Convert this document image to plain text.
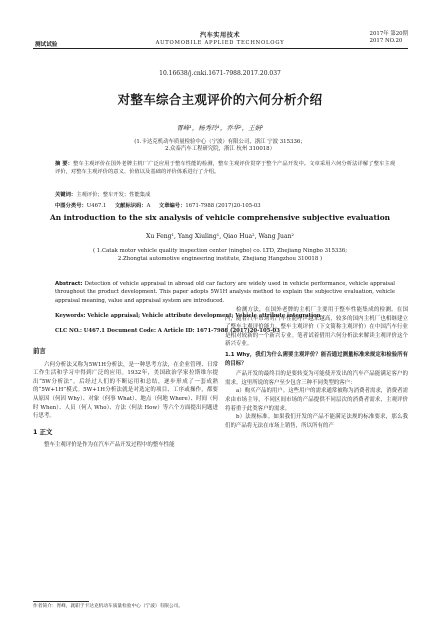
测试试验
汽车实用技术
AUTOMOBILE APPLIED TECHNOLOGY
2017年 第20期
2017 NO.20
10.16638/j.cnki.1671-7988.2017.20.037
对整车综合主观评价的六何分析介绍
胥峰¹，杨秀玲¹，乔华²，王娟²
(1.卡达克机动车质量检验中心（宁波）有限公司，浙江 宁波 315336；
2.众泰汽车工程研究院，浙江 杭州 310018）
摘 要：整车主观评价在国外老牌主机厂广泛应用于整车性能的检测，整车主观评价贯穿于整个产品开发中。文章采用六何分析法详解了整车主观评价，对整车主观评价的意义、价值以及基础的评价体系进行了介绍。
关键词：主观评价；整车开发；性能集成
中图分类号：U467.1 文献标识码：A 文章编号：1671-7988 (2017)20-105-03
An introduction to the six analysis of vehicle comprehensive subjective evaluation
Xu Feng¹, Yang Xiuling¹, Qiao Hua², Wang Juan²
( 1.Catak motor vehicle quality inspection center (ningbo) co. LTD, Zhejiang Ningbo 315336;
2.Zhongtai automotive engineering institute, Zhejiang Hangzhou 310018 )
Abstract: Detection of vehicle appraisal in abroad old car factory are widely used in vehicle performance, vehicle appraisal throughout the product development. This paper adopts 5W1H analysis method to explain the subjective evaluation, vehicle appraisal meaning, value and appraisal system are introduced.
Keywords: Vehicle appraisal; Vehicle attribute development; Vehicle attribute integration
CLC NO.: U467.1 Document Code: A Article ID: 1671-7988 (2017)20-105-03
前言
六何分析法又称为5W1H分析法，是一种思考方法，在企业管理、日常工作生活和学习中得到广泛的应用。1932年，美国政治学家拉斯维尔提出“5W分析法”，后经过人们的不断运用和总结，逐步形成了一套成熟的“5W+1H”模式。5W+1H分析法就是对选定的项目、工序或操作，都要从原因（何因 Why）、对象（何事 What）、地点（何地 Where）、时间（何时 When）、人员（何人 Who）、方法（何法 How）等六个方面提出问题进行思考。
1 正文
整车主观评价是作为在汽车产品开发过程中的整车性能
作者简介：胥峰，就职于卡达克机动车质量检验中心（宁波）有限公司。
检测方法，在国外老牌的主机厂主要用于整车性能集成的检测。在国内，随着汽车市场对汽车性能呼声越来越高，较多的国内主机厂也相继建立了整车主观评价能力。整车主观评价（下文简称主观评价）在中国汽车行业是相对较新的一个新兴专业。笔者试着借用六何分析法来解读主观评价这个新兴专业。
1.1 Why，我们为什么需要主观评价？能否通过测量标准来规定和检验所有的目标？
产品开发的最终目的是要转变为可能使开发出的汽车产品能满足客户的需求。这里所说的客户至少包含三种不同类型的客户：
a）购买产品的用户。这些用户的需求通常被称为消费者需求，消费者需求由市场主导，不同区间市场的产品提供不同层次的消费者需求，主观评价将着重于此类客户的需求。
b）法规标准。如果我们开发的产品不能满足法规的标准要求，那么我们的产品将无法在市场上销售，所以所有的产
